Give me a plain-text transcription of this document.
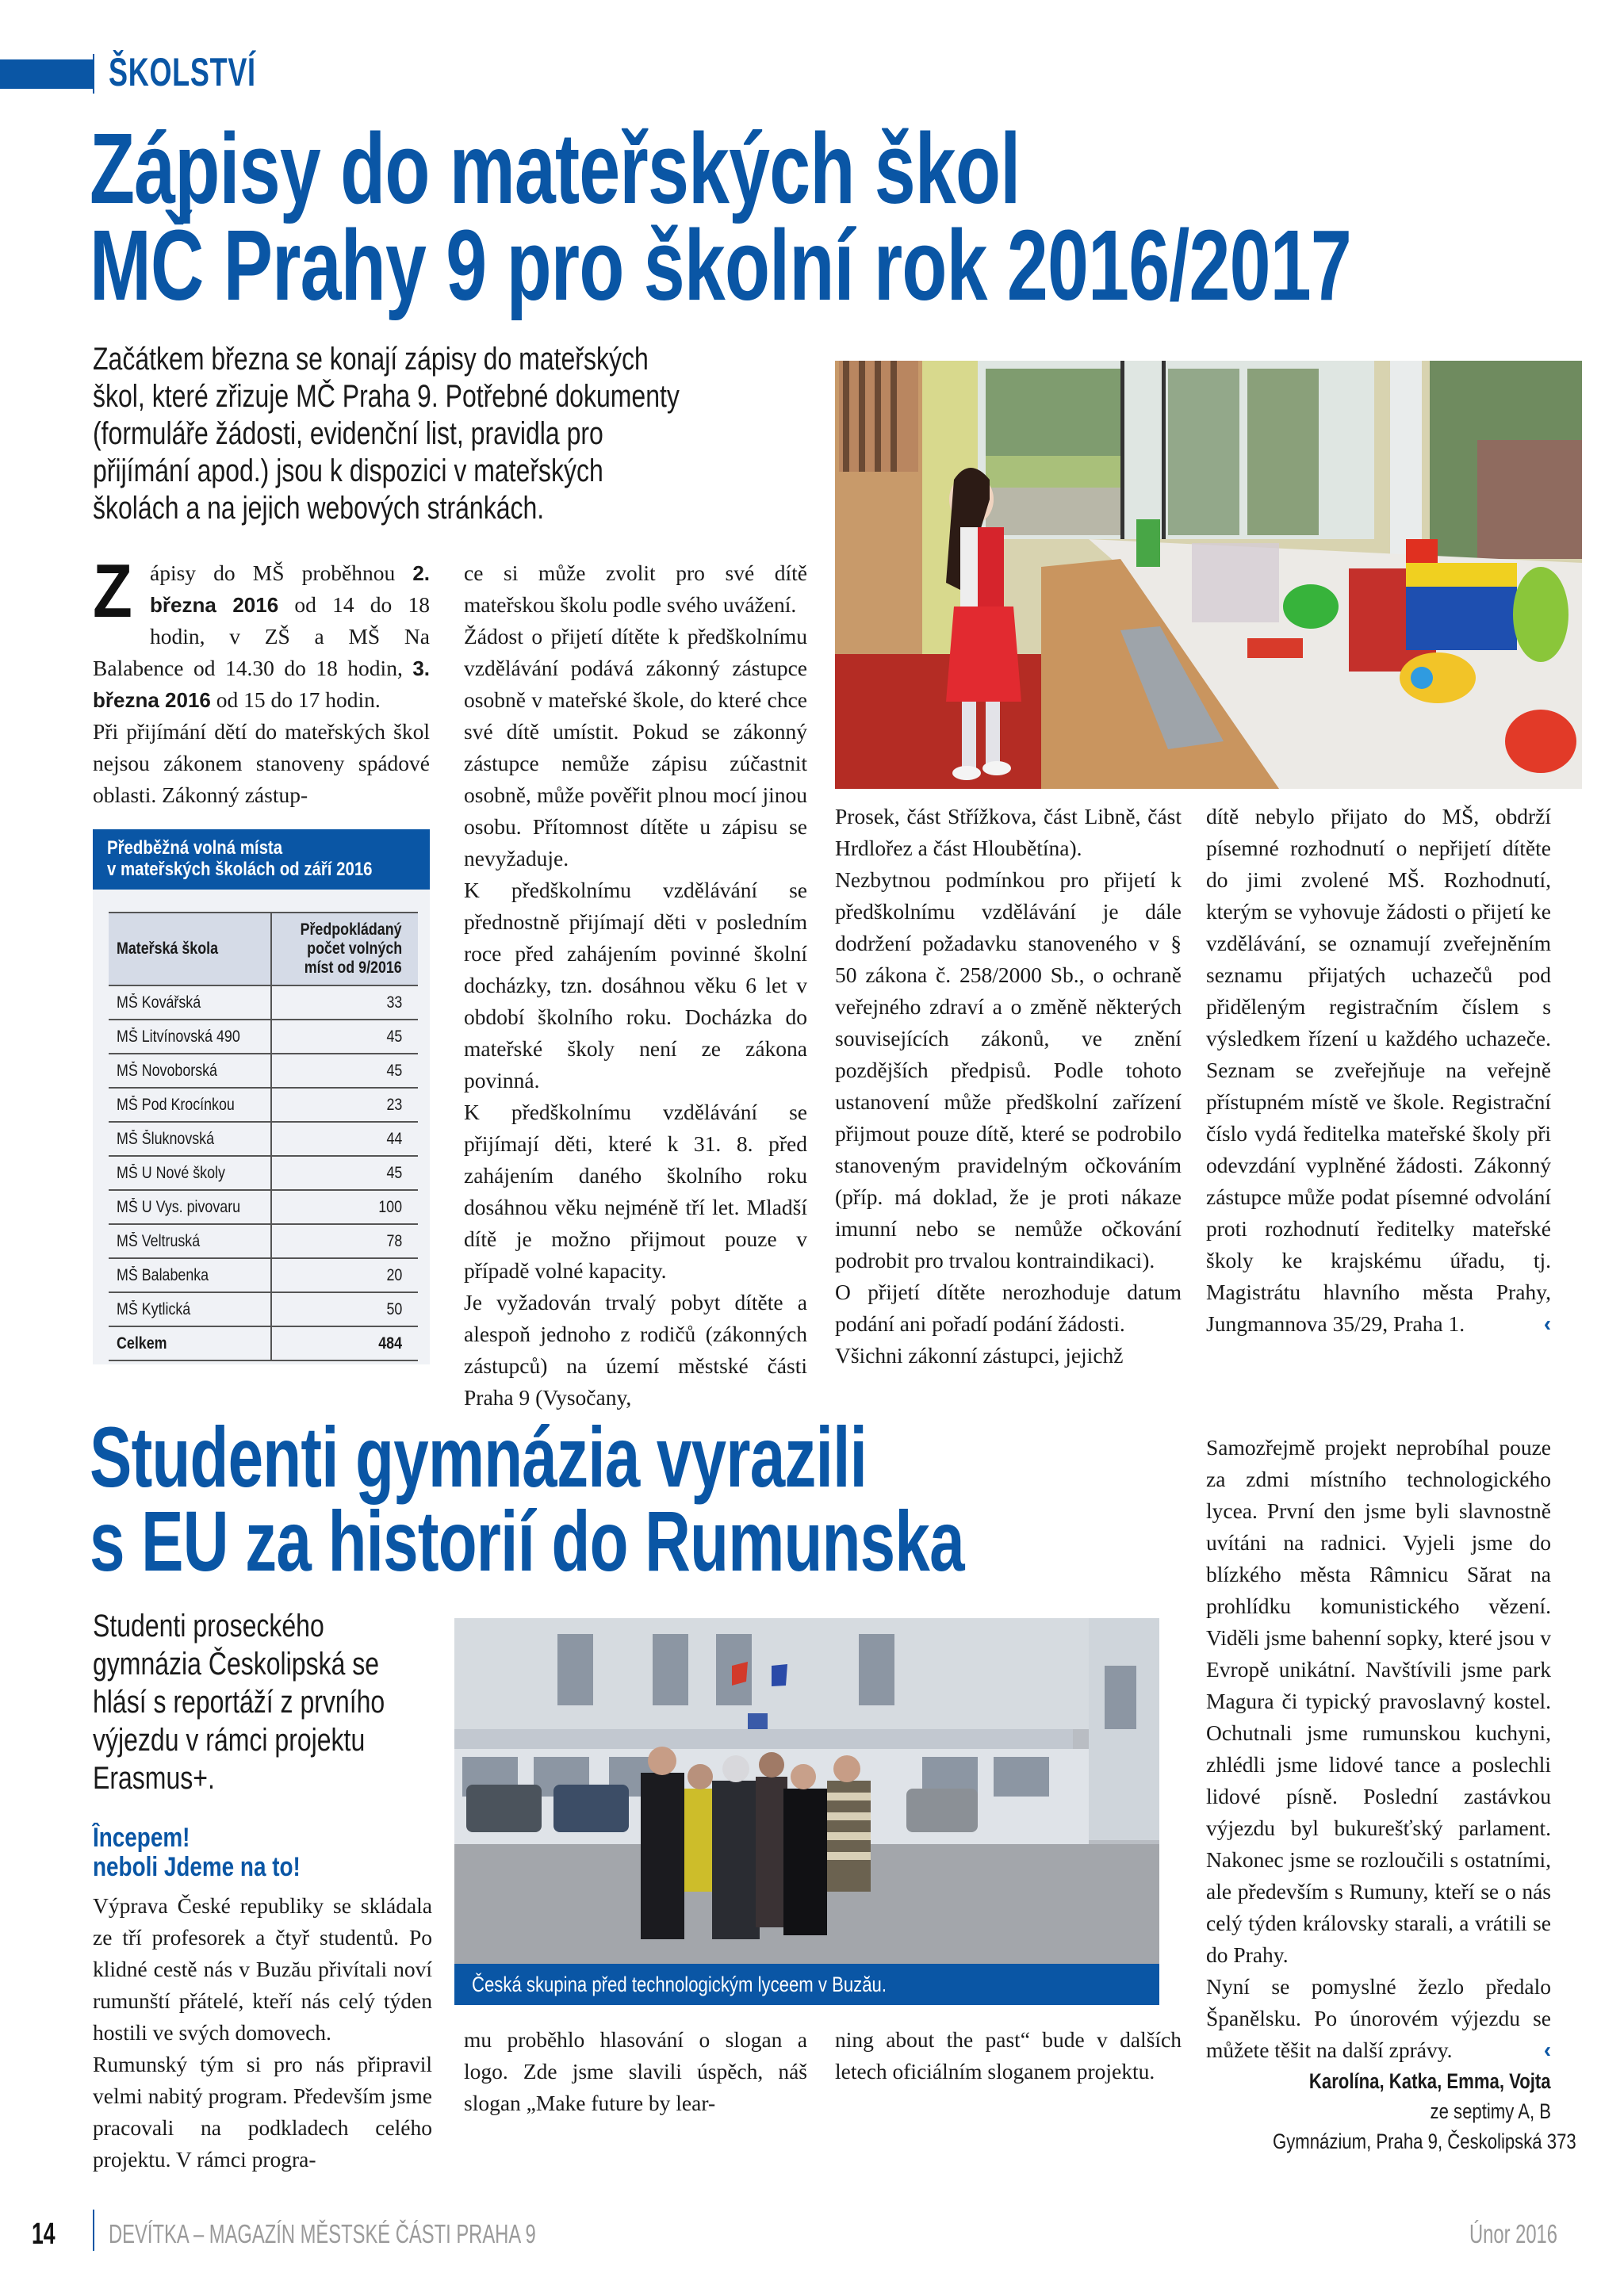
ŠKOLSTVÍ
Zápisy do mateřských škol
MČ Prahy 9 pro školní rok 2016/2017
Začátkem března se konají zápisy do mateřských
škol, které zřizuje MČ Praha 9. Potřebné dokumenty
(formuláře žádosti, evidenční list, pravidla pro
přijímání apod.) jsou k dispozici v mateřských
školách a na jejich webových stránkách.

Zápisy do MŠ proběhnou 2. března 2016 od 14 do 18 hodin, v ZŠ a MŠ Na Balabence od 14.30 do 18 hodin, 3. března 2016 od 15 do 17 hodin.

Při přijímání dětí do mateřských škol nejsou zákonem stanoveny spádové oblasti. Zákonný zástup-

Předběžná volná místa
v mateřských školách od září 2016
Mateřská škola	Předpokládaný
počet volných
míst od 9/2016
MŠ Kovářská	33
MŠ Litvínovská 490	45
MŠ Novoborská	45
MŠ Pod Krocínkou	23
MŠ Šluknovská	44
MŠ U Nové školy	45
MŠ U Vys. pivovaru	100
MŠ Veltruská	78
MŠ Balabenka	20
MŠ Kytlická	50
Celkem	484

ce si může zvolit pro své dítě mateřskou školu podle svého uvážení.

Žádost o přijetí dítěte k předškolnímu vzdělávání podává zákonný zástupce osobně v mateřské škole, do které chce své dítě umístit. Pokud se zákonný zástupce nemůže zápisu zúčastnit osobně, může pověřit plnou mocí jinou osobu. Přítomnost dítěte u zápisu se nevyžaduje.

K předškolnímu vzdělávání se přednostně přijímají děti v posledním roce před zahájením povinné školní docházky, tzn. dosáhnou věku 6 let v období školního roku. Docházka do mateřské školy není ze zákona povinná.

K předškolnímu vzdělávání se přijímají děti, které k 31. 8. před zahájením daného školního roku dosáhnou věku nejméně tří let. Mladší dítě je možno přijmout pouze v případě volné kapacity.

Je vyžadován trvalý pobyt dítěte a alespoň jednoho z rodičů (zákonných zástupců) na území městské části Praha 9 (Vysočany,

Prosek, část Střížkova, část Libně, část Hrdlořez a část Hloubětína).

Nezbytnou podmínkou pro přijetí k předškolnímu vzdělávání je dále dodržení požadavku stanoveného v § 50 zákona č. 258/2000 Sb., o ochraně veřejného zdraví a o změně některých souvisejících zákonů, ve znění pozdějších předpisů. Podle tohoto ustanovení může předškolní zařízení přijmout pouze dítě, které se podrobilo stanoveným pravidelným očkováním (příp. má doklad, že je proti nákaze imunní nebo se nemůže očkování podrobit pro trvalou kontraindikaci).

O přijetí dítěte nerozhoduje datum podání ani pořadí podání žádosti.

Všichni zákonní zástupci, jejichž

dítě nebylo přijato do MŠ, obdrží písemné rozhodnutí o nepřijetí dítěte do jimi zvolené MŠ. Rozhodnutí, kterým se vyhovuje žádosti o přijetí ke vzdělávání, se oznamují zveřejněním seznamu přijatých uchazečů pod přiděleným registračním číslem s výsledkem řízení u každého uchazeče. Seznam se zveřejňuje na veřejně přístupném místě ve škole. Registrační číslo vydá ředitelka mateřské školy při odevzdání vyplněné žádosti. Zákonný zástupce může podat písemné odvolání proti rozhodnutí ředitelky mateřské školy ke krajskému úřadu, tj. Magistrátu hlavního města Prahy, Jungmannova 35/29, Praha 1.	‹

Studenti gymnázia vyrazili
s EU za historií do Rumunska
Studenti proseckého
gymnázia Českolipská se
hlásí s reportáží z prvního
výjezdu v rámci projektu
Erasmus+.
Începem!
neboli Jdeme na to!

Výprava České republiky se skládala ze tří profesorek a čtyř studentů. Po klidné cestě nás v Buzău přivítali noví rumunští přátelé, kteří nás celý týden hostili ve svých domovech.

Rumunský tým si pro nás připravil velmi nabitý program. Především jsme pracovali na podkladech celého projektu. V rámci progra-

Česká skupina před technologickým lyceem v Buzău.

mu proběhlo hlasování o slogan a logo. Zde jsme slavili úspěch, náš slogan „Make future by lear-

ning about the past“ bude v dalších letech oficiálním sloganem projektu.

Samozřejmě projekt neprobíhal pouze za zdmi místního technologického lycea. První den jsme byli slavnostně uvítáni na radnici. Vyjeli jsme do blízkého města Râmnicu Sărat na prohlídku komunistického vězení. Viděli jsme bahenní sopky, které jsou v Evropě unikátní. Navštívili jsme park Magura či typický pravoslavný kostel. Ochutnali jsme rumunskou kuchyni, zhlédli jsme lidové tance a poslechli lidové písně. Poslední zastávkou výjezdu byl bukurešťský parlament. Nakonec jsme se rozloučili s ostatními, ale především s Rumuny, kteří se o nás celý týden královsky starali, a vrátili se do Prahy.

Nyní se pomyslné žezlo předalo Španělsku. Po únorovém výjezdu se můžete těšit na další zprávy.	‹

Karolína, Katka, Emma, Vojta
ze septimy A, B
Gymnázium, Praha 9, Českolipská 373
14 DEVÍTKA – MAGAZÍN MĚSTSKÉ ČÁSTI PRAHA 9	Únor 2016
